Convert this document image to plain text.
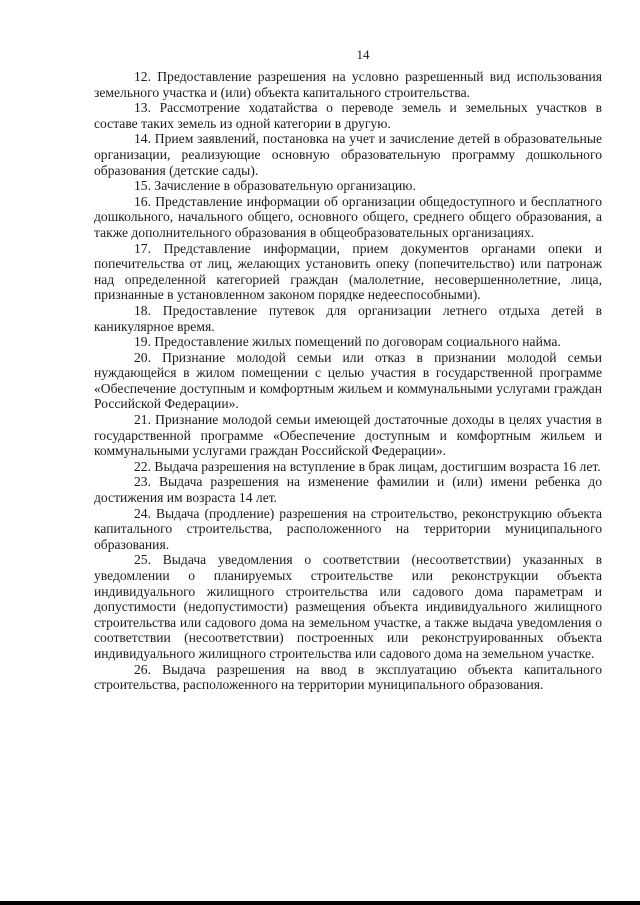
14

12. Предоставление разрешения на условно разрешенный вид использования земельного участка и (или) объекта капитального строительства.

13. Рассмотрение ходатайства о переводе земель и земельных участков в составе таких земель из одной категории в другую.

14. Прием заявлений, постановка на учет и зачисление детей в образовательные организации, реализующие основную образовательную программу дошкольного образования (детские сады).

15. Зачисление в образовательную организацию.

16. Представление информации об организации общедоступного и бесплатного дошкольного, начального общего, основного общего, среднего общего образования, а также дополнительного образования в общеобразовательных организациях.

17. Представление информации, прием документов органами опеки и попечительства от лиц, желающих установить опеку (попечительство) или патронаж над определенной категорией граждан (малолетние, несовершеннолетние, лица, признанные в установленном законом порядке недееспособными).

18. Предоставление путевок для организации летнего отдыха детей в каникулярное время.

19. Предоставление жилых помещений по договорам социального найма.

20. Признание молодой семьи или отказ в признании молодой семьи нуждающейся в жилом помещении с целью участия в государственной программе «Обеспечение доступным и комфортным жильем и коммунальными услугами граждан Российской Федерации».

21. Признание молодой семьи имеющей достаточные доходы в целях участия в государственной программе «Обеспечение доступным и комфортным жильем и коммунальными услугами граждан Российской Федерации».

22. Выдача разрешения на вступление в брак лицам, достигшим возраста 16 лет.

23. Выдача разрешения на изменение фамилии и (или) имени ребенка до достижения им возраста 14 лет.

24. Выдача (продление) разрешения на строительство, реконструкцию объекта капитального строительства, расположенного на территории муниципального образования.

25. Выдача уведомления о соответствии (несоответствии) указанных в уведомлении о планируемых строительстве или реконструкции объекта индивидуального жилищного строительства или садового дома параметрам и допустимости (недопустимости) размещения объекта индивидуального жилищного строительства или садового дома на земельном участке, а также выдача уведомления о соответствии (несоответствии) построенных или реконструированных объекта индивидуального жилищного строительства или садового дома на земельном участке.

26. Выдача разрешения на ввод в эксплуатацию объекта капитального строительства, расположенного на территории муниципального образования.
